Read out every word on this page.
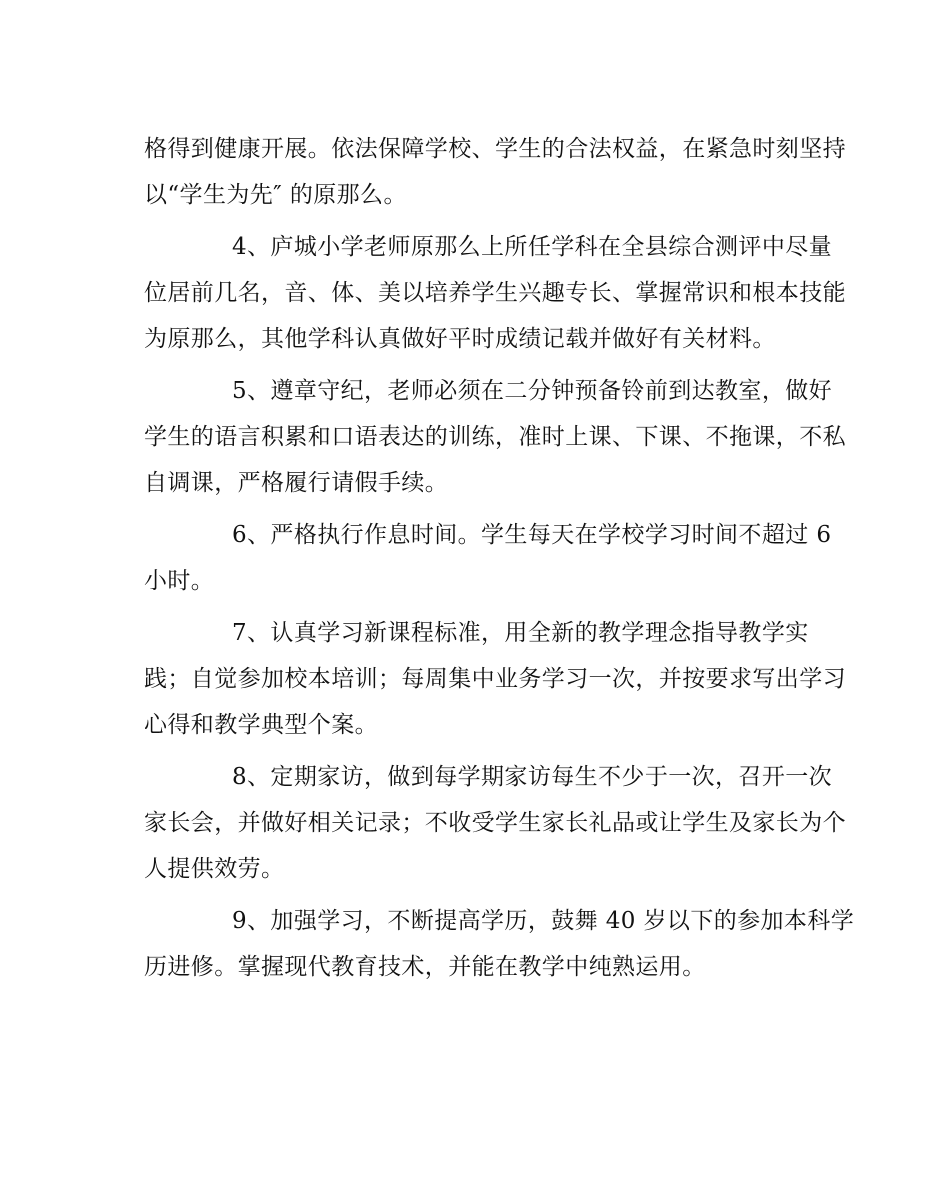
格得到健康开展。依法保障学校、学生的合法权益，在紧急时刻坚持
以“学生为先″ 的原那么。
4、庐城小学老师原那么上所任学科在全县综合测评中尽量
位居前几名，音、体、美以培养学生兴趣专长、掌握常识和根本技能
为原那么，其他学科认真做好平时成绩记载并做好有关材料。
5、遵章守纪，老师必须在二分钟预备铃前到达教室，做好
学生的语言积累和口语表达的训练，准时上课、下课、不拖课，不私
自调课，严格履行请假手续。
6、严格执行作息时间。学生每天在学校学习时间不超过 6
小时。
7、认真学习新课程标准，用全新的教学理念指导教学实
践；自觉参加校本培训；每周集中业务学习一次，并按要求写出学习
心得和教学典型个案。
8、定期家访，做到每学期家访每生不少于一次，召开一次
家长会，并做好相关记录；不收受学生家长礼品或让学生及家长为个
人提供效劳。
9、加强学习，不断提高学历，鼓舞 40 岁以下的参加本科学
历进修。掌握现代教育技术，并能在教学中纯熟运用。
